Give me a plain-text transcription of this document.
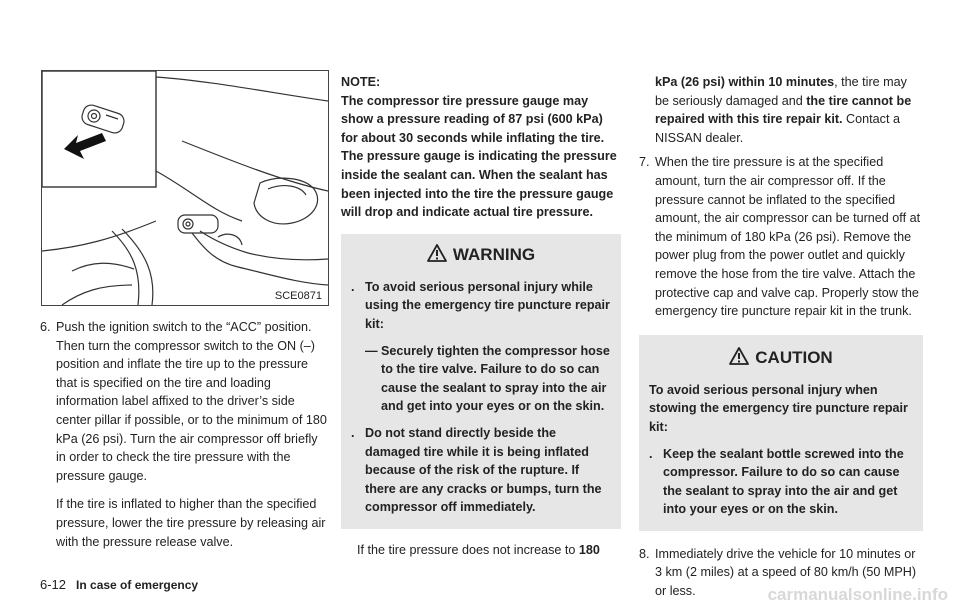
SCE0871

6. Push the ignition switch to the “ACC” position. Then turn the compressor switch to the ON (–) position and inflate the tire up to the pressure that is specified on the tire and loading information label affixed to the driver’s side center pillar if possible, or to the minimum of 180 kPa (26 psi). Turn the air compressor off briefly in order to check the tire pressure with the pressure gauge.

If the tire is inflated to higher than the specified pressure, lower the tire pressure by releasing air with the pressure release valve.

NOTE:

The compressor tire pressure gauge may show a pressure reading of 87 psi (600 kPa) for about 30 seconds while inflating the tire. The pressure gauge is indicating the pressure inside the sealant can. When the sealant has been injected into the tire the pressure gauge will drop and indicate actual tire pressure.

WARNING
. To avoid serious personal injury while using the emergency tire puncture repair kit:
— Securely tighten the compressor hose to the tire valve. Failure to do so can cause the sealant to spray into the air and get into your eyes or on the skin.
. Do not stand directly beside the damaged tire while it is being inflated because of the risk of the rupture. If there are any cracks or bumps, turn the compressor off immediately.

If the tire pressure does not increase to 180

kPa (26 psi) within 10 minutes, the tire may be seriously damaged and the tire cannot be repaired with this tire repair kit. Contact a NISSAN dealer.

7. When the tire pressure is at the specified amount, turn the air compressor off. If the pressure cannot be inflated to the specified amount, the air compressor can be turned off at the minimum of 180 kPa (26 psi). Remove the power plug from the power outlet and quickly remove the hose from the tire valve. Attach the protective cap and valve cap. Properly stow the emergency tire puncture repair kit in the trunk.

CAUTION

To avoid serious personal injury when stowing the emergency tire puncture repair kit:

. Keep the sealant bottle screwed into the compressor. Failure to do so can cause the sealant to spray into the air and get into your eyes or on the skin.

8. Immediately drive the vehicle for 10 minutes or 3 km (2 miles) at a speed of 80 km/h (50 MPH) or less.

6-12 In case of emergency	carmanualsonline.info
